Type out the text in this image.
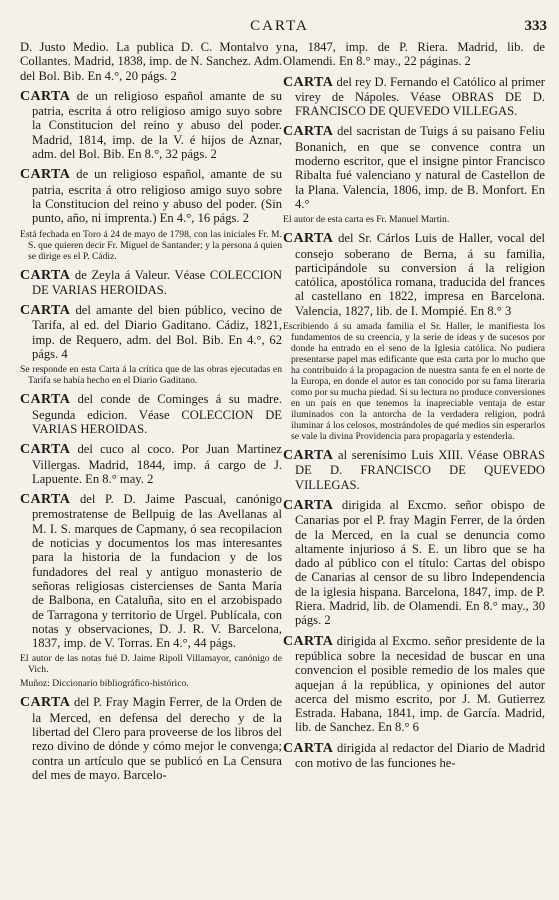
CARTA	333

D. Justo Medio. La publica D. C. Montalvo y Collantes. Madrid, 1838, imp. de N. Sanchez. Adm. del Bol. Bib. En 4.°, 20 págs. 2

CARTA de un religioso español amante de su patria, escrita á otro religioso amigo suyo sobre la Constitucion del reino y abuso del poder. Madrid, 1814, imp. de la V. é hijos de Aznar, adm. del Bol. Bib. En 8.°, 32 págs. 2

CARTA de un religioso español, amante de su patria, escrita á otro religioso amigo suyo sobre la Constitucion del reino y abuso del poder. (Sin punto, año, ni imprenta.) En 4.°, 16 págs. 2

Está fechada en Toro á 24 de mayo de 1798, con las iniciales Fr. M. S. que quieren decir Fr. Miguel de Santander; y la persona á quien se dirige es el P. Cádiz.

CARTA de Zeyla á Valeur. Véase COLECCION DE VARIAS HEROIDAS.

CARTA del amante del bien público, vecino de Tarifa, al ed. del Diario Gaditano. Cádiz, 1821, imp. de Requero, adm. del Bol. Bib. En 4.°, 62 págs. 4

Se responde en esta Carta á la crítica que de las obras ejecutadas en Tarifa se había hecho en el Diario Gaditano.

CARTA del conde de Cominges á su madre. Segunda edicion. Véase COLECCION DE VARIAS HEROIDAS.

CARTA del cuco al coco. Por Juan Martinez Villergas. Madrid, 1844, imp. á cargo de J. Lapuente. En 8.° may. 2

CARTA del P. D. Jaime Pascual, canónigo premostratense de Bellpuig de las Avellanas al M. I. S. marques de Capmany, ó sea recopilacion de noticias y documentos los mas interesantes para la historia de la fundacion y de los fundadores del real y antiguo monasterio de señoras religiosas cistercienses de Santa María de Balbona, en Cataluña, sito en el arzobispado de Tarragona y territorio de Urgel. Publícala, con notas y observaciones, D. J. R. V. Barcelona, 1837, imp. de V. Torras. En 4.°, 44 págs.

El autor de las notas fué D. Jaime Ripoll Villamayor, canónigo de Vich.

Muñoz: Diccionario bibliográfico-histórico.

CARTA del P. Fray Magin Ferrer, de la Orden de la Merced, en defensa del derecho y de la libertad del Clero para proveerse de los libros del rezo divino de dónde y cómo mejor le convenga; contra un artículo que se publicó en La Censura del mes de mayo. Barcelo-

na, 1847, imp. de P. Riera. Madrid, lib. de Olamendi. En 8.° may., 22 páginas. 2

CARTA del rey D. Fernando el Católico al primer virey de Nápoles. Véase OBRAS DE D. FRANCISCO DE QUEVEDO VILLEGAS.

CARTA del sacristan de Tuigs á su paisano Feliu Bonanich, en que se convence contra un moderno escritor, que el insigne pintor Francisco Ribalta fué valenciano y natural de Castellon de la Plana. Valencia, 1806, imp. de B. Monfort. En 4.°

El autor de esta carta es Fr. Manuel Martin.

CARTA del Sr. Cárlos Luis de Haller, vocal del consejo soberano de Berna, á su familia, participándole su conversion á la religion católica, apostólica romana, traducida del frances al castellano en 1822, impresa en Barcelona. Valencia, 1827, lib. de I. Mompié. En 8.° 3

Escribiendo á su amada familia el Sr. Haller, le manifiesta los fundamentos de su creencia, y la serie de ideas y de sucesos por donde ha entrado en el seno de la Iglesia católica. No pudiera presentarse papel mas edificante que esta carta por lo mucho que ha contribuido á la propagacion de nuestra santa fe en el norte de la Europa, en donde el autor es tan conocido por su fama literaria como por su mucha piedad. Si su lectura no produce conversiones en un país en que tenemos la inapreciable ventaja de estar iluminados con la antorcha de la verdadera religion, podrá iluminar á los celosos, mostrándoles de qué medios sin esperarlos se vale la divina Providencia para propagarla y estenderla.

CARTA al serenísimo Luis XIII. Véase OBRAS DE D. FRANCISCO DE QUEVEDO VILLEGAS.

CARTA dirigida al Excmo. señor obispo de Canarias por el P. fray Magin Ferrer, de la órden de la Merced, en la cual se denuncia como altamente injurioso á S. E. un libro que se ha dado al público con el título: Cartas del obispo de Canarias al censor de su libro Independencia de la iglesia hispana. Barcelona, 1847, imp. de P. Riera. Madrid, lib. de Olamendi. En 8.° may., 30 págs. 2

CARTA dirigida al Excmo. señor presidente de la república sobre la necesidad de buscar en una convencion el posible remedio de los males que aquejan á la república, y opiniones del autor acerca del mismo escrito, por J. M. Gutierrez Estrada. Habana, 1841, imp. de García. Madrid, lib. de Sanchez. En 8.° 6

CARTA dirigida al redactor del Diario de Madrid con motivo de las funciones he-
